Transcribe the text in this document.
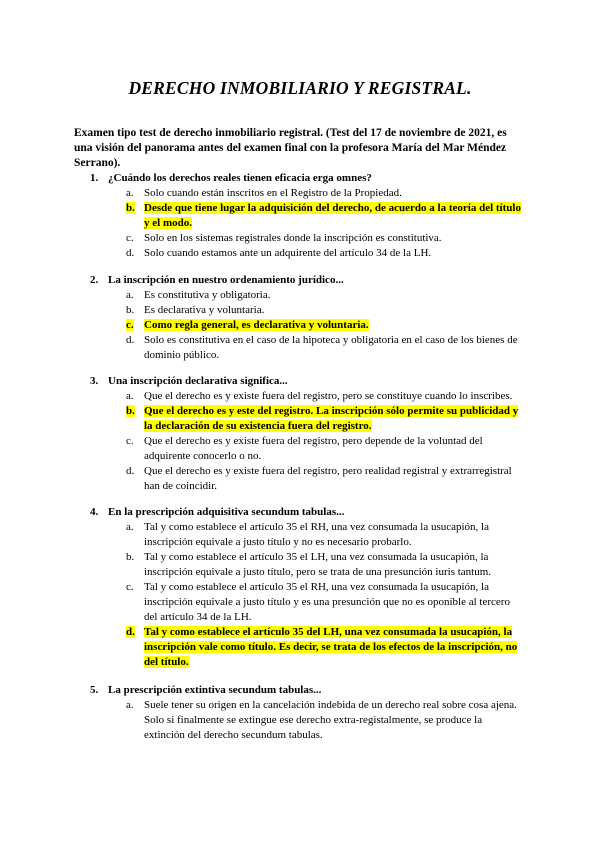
DERECHO INMOBILIARIO Y REGISTRAL.

Examen tipo test de derecho inmobiliario registral. (Test del 17 de noviembre de 2021, es una visión del panorama antes del examen final con la profesora María del Mar Méndez Serrano).

1. ¿Cuándo los derechos reales tienen eficacia erga omnes?
a. Solo cuando están inscritos en el Registro de la Propiedad.
b. Desde que tiene lugar la adquisición del derecho, de acuerdo a la teoría del título y el modo.
c. Solo en los sistemas registrales donde la inscripción es constitutiva.
d. Solo cuando estamos ante un adquirente del artículo 34 de la LH.
2. La inscripción en nuestro ordenamiento jurídico...
a. Es constitutiva y obligatoria.
b. Es declarativa y voluntaria.
c. Como regla general, es declarativa y voluntaria.
d. Solo es constitutiva en el caso de la hipoteca y obligatoria en el caso de los bienes de dominio público.
3. Una inscripción declarativa significa...
a. Que el derecho es y existe fuera del registro, pero se constituye cuando lo inscribes.
b. Que el derecho es y este del registro. La inscripción sólo permite su publicidad y la declaración de su existencia fuera del registro.
c. Que el derecho es y existe fuera del registro, pero depende de la voluntad del adquirente conocerlo o no.
d. Que el derecho es y existe fuera del registro, pero realidad registral y extrarregistral han de coincidir.
4. En la prescripción adquisitiva secundum tabulas...
a. Tal y como establece el artículo 35 el RH, una vez consumada la usucapión, la inscripción equivale a justo título y no es necesario probarlo.
b. Tal y como establece el artículo 35 el LH, una vez consumada la usucapión, la inscripción equivale a justo título, pero se trata de una presunción iuris tantum.
c. Tal y como establece el artículo 35 el RH, una vez consumada la usucapión, la inscripción equivale a justo título y es una presunción que no es oponible al tercero del artículo 34 de la LH.
d. Tal y como establece el artículo 35 del LH, una vez consumada la usucapión, la inscripción vale como título. Es decir, se trata de los efectos de la inscripción, no del título.
5. La prescripción extintiva secundum tabulas...
a. Suele tener su origen en la cancelación indebida de un derecho real sobre cosa ajena. Solo si finalmente se extingue ese derecho extra-registalmente, se produce la extinción del derecho secundum tabulas.
